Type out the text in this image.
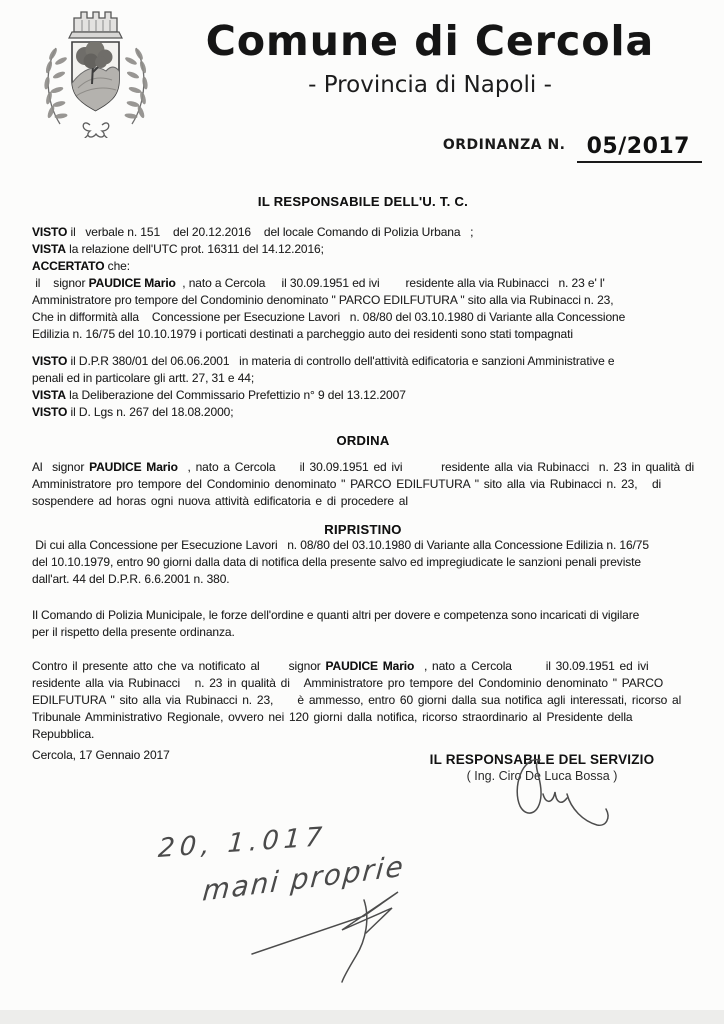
Comune di Cercola
- Provincia di Napoli -
ORDINANZA N. 05/2017
IL RESPONSABILE DELL'U. T. C.
VISTO il   verbale n. 151    del 20.12.2016    del locale Comando di Polizia Urbana   ;
VISTA la relazione dell'UTC prot. 16311 del 14.12.2016;
ACCERTATO che:
il    signor PAUDICE Mario  , nato a Cercola     il 30.09.1951 ed ivi        residente alla via Rubinacci   n. 23 e' l'
Amministratore pro tempore del Condominio denominato " PARCO EDILFUTURA " sito alla via Rubinacci n. 23,
Che in difformità alla    Concessione per Esecuzione Lavori   n. 08/80 del 03.10.1980 di Variante alla Concessione
Edilizia n. 16/75 del 10.10.1979 i porticati destinati a parcheggio auto dei residenti sono stati tompagnati
VISTO il D.P.R 380/01 del 06.06.2001   in materia di controllo dell'attività edificatoria e sanzioni Amministrative e
penali ed in particolare gli artt. 27, 31 e 44;
VISTA la Deliberazione del Commissario Prefettizio n° 9 del 13.12.2007
VISTO il D. Lgs n. 267 del 18.08.2000;
ORDINA
Al  signor PAUDICE Mario  , nato a Cercola     il 30.09.1951 ed ivi        residente alla via Rubinacci  n. 23 in qualità di
Amministratore pro tempore del Condominio denominato " PARCO EDILFUTURA " sito alla via Rubinacci n. 23,   di
sospendere ad horas ogni nuova attività edificatoria e di procedere al
RIPRISTINO
Di cui alla Concessione per Esecuzione Lavori   n. 08/80 del 03.10.1980 di Variante alla Concessione Edilizia n. 16/75
del 10.10.1979, entro 90 giorni dalla data di notifica della presente salvo ed impregiudicate le sanzioni penali previste
dall'art. 44 del D.P.R. 6.6.2001 n. 380.
Il Comando di Polizia Municipale, le forze dell'ordine e quanti altri per dovere e competenza sono incaricati di vigilare
per il rispetto della presente ordinanza.
Contro il presente atto che va notificato al      signor PAUDICE Mario  , nato a Cercola       il 30.09.1951 ed ivi
residente alla via Rubinacci   n. 23 in qualità di   Amministratore pro tempore del Condominio denominato " PARCO
EDILFUTURA " sito alla via Rubinacci n. 23,     è ammesso, entro 60 giorni dalla sua notifica agli interessati, ricorso al
Tribunale Amministrativo Regionale, ovvero nei 120 giorni dalla notifica, ricorso straordinario al Presidente della
Repubblica.
Cercola, 17 Gennaio 2017	IL RESPONSABILE DEL SERVIZIO
( Ing. Ciro De Luca Bossa )
20, 1.017
mani proprie
